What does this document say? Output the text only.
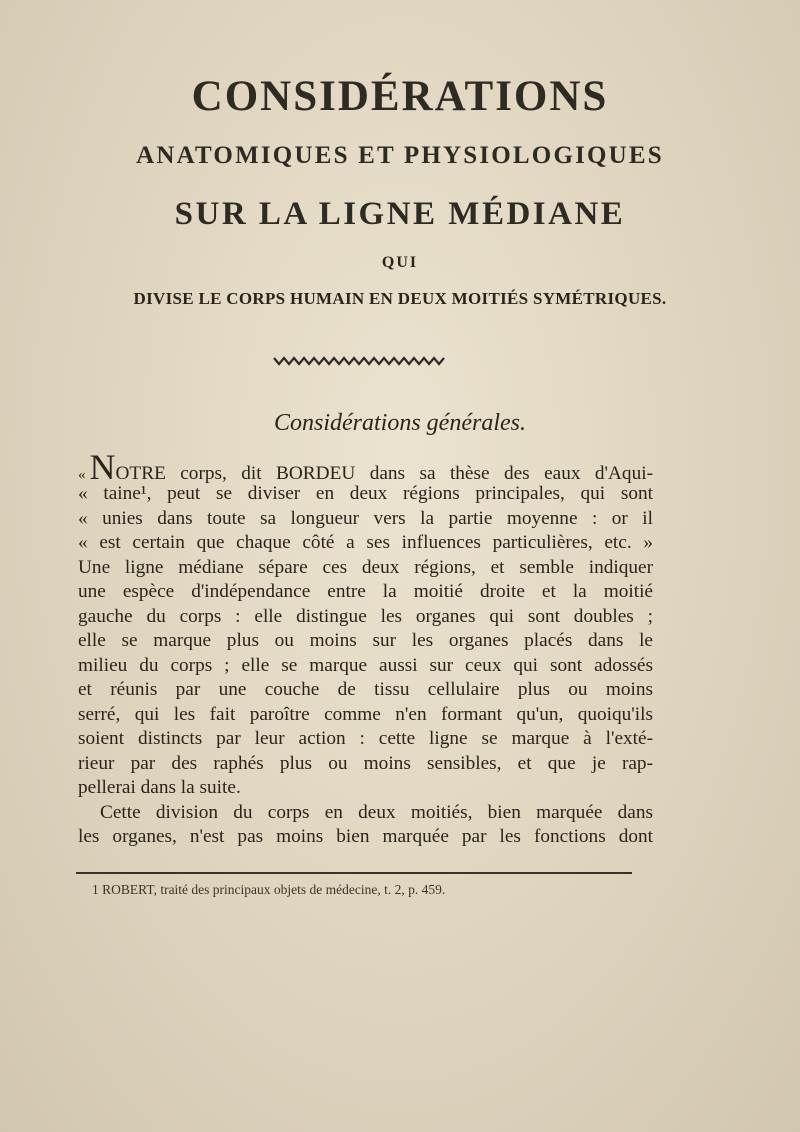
CONSIDÉRATIONS
ANATOMIQUES ET PHYSIOLOGIQUES
SUR LA LIGNE MÉDIANE
QUI
DIVISE LE CORPS HUMAIN EN DEUX MOITIÉS SYMÉTRIQUES.
Considérations générales.
« NOTRE corps, dit BORDEU dans sa thèse des eaux d'Aqui-
« taine¹, peut se diviser en deux régions principales, qui sont
« unies dans toute sa longueur vers la partie moyenne : or il
« est certain que chaque côté a ses influences particulières, etc. »
Une ligne médiane sépare ces deux régions, et semble indiquer
une espèce d'indépendance entre la moitié droite et la moitié
gauche du corps : elle distingue les organes qui sont doubles ;
elle se marque plus ou moins sur les organes placés dans le
milieu du corps ; elle se marque aussi sur ceux qui sont adossés
et réunis par une couche de tissu cellulaire plus ou moins
serré, qui les fait paroître comme n'en formant qu'un, quoiqu'ils
soient distincts par leur action : cette ligne se marque à l'exté-
rieur par des raphés plus ou moins sensibles, et que je rap-
pellerai dans la suite.
Cette division du corps en deux moitiés, bien marquée dans
les organes, n'est pas moins bien marquée par les fonctions dont
1 ROBERT, traité des principaux objets de médecine, t. 2, p. 459.
